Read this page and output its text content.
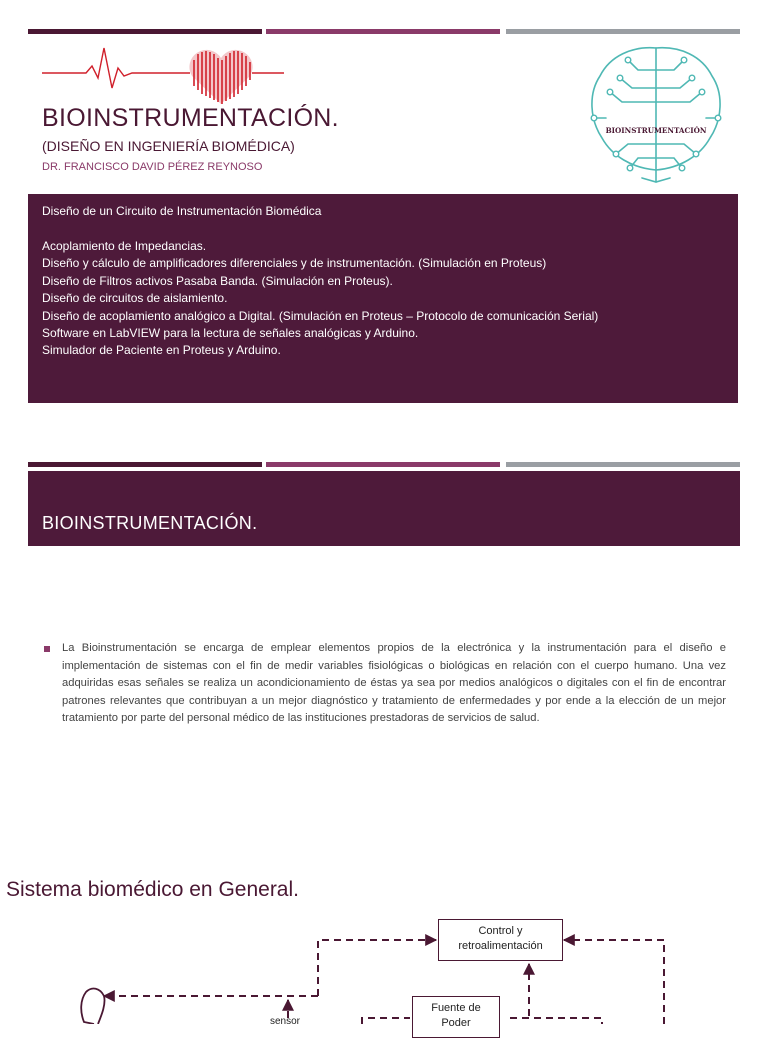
BIOINSTRUMENTACIÓN.
(DISEÑO EN INGENIERÍA BIOMÉDICA)
DR. FRANCISCO DAVID PÉREZ REYNOSO
BIOINSTRUMENTACIÓN
Diseño de un Circuito de Instrumentación Biomédica
Acoplamiento de Impedancias.
Diseño y cálculo de amplificadores diferenciales y de instrumentación. (Simulación en Proteus)
Diseño de Filtros activos Pasaba Banda. (Simulación en Proteus).
Diseño de circuitos de aislamiento.
Diseño de acoplamiento analógico a Digital. (Simulación en Proteus – Protocolo de comunicación Serial)
Software en LabVIEW para la lectura de señales analógicas y Arduino.
Simulador de Paciente en Proteus y Arduino.
BIOINSTRUMENTACIÓN.
La Bioinstrumentación se encarga de emplear elementos propios de la electrónica y la instrumentación para el diseño e implementación de sistemas con el fin de medir variables fisiológicas o biológicas en relación con el cuerpo humano. Una vez adquiridas esas señales se realiza un acondicionamiento de éstas ya sea por medios analógicos o digitales con el fin de encontrar patrones relevantes que contribuyan a un mejor diagnóstico y tratamiento de enfermedades y por ende a la elección de un mejor tratamiento por parte del personal médico de las instituciones prestadoras de servicios de salud.
Sistema biomédico en General.
Control y
retroalimentación
Fuente de
Poder
sensor
